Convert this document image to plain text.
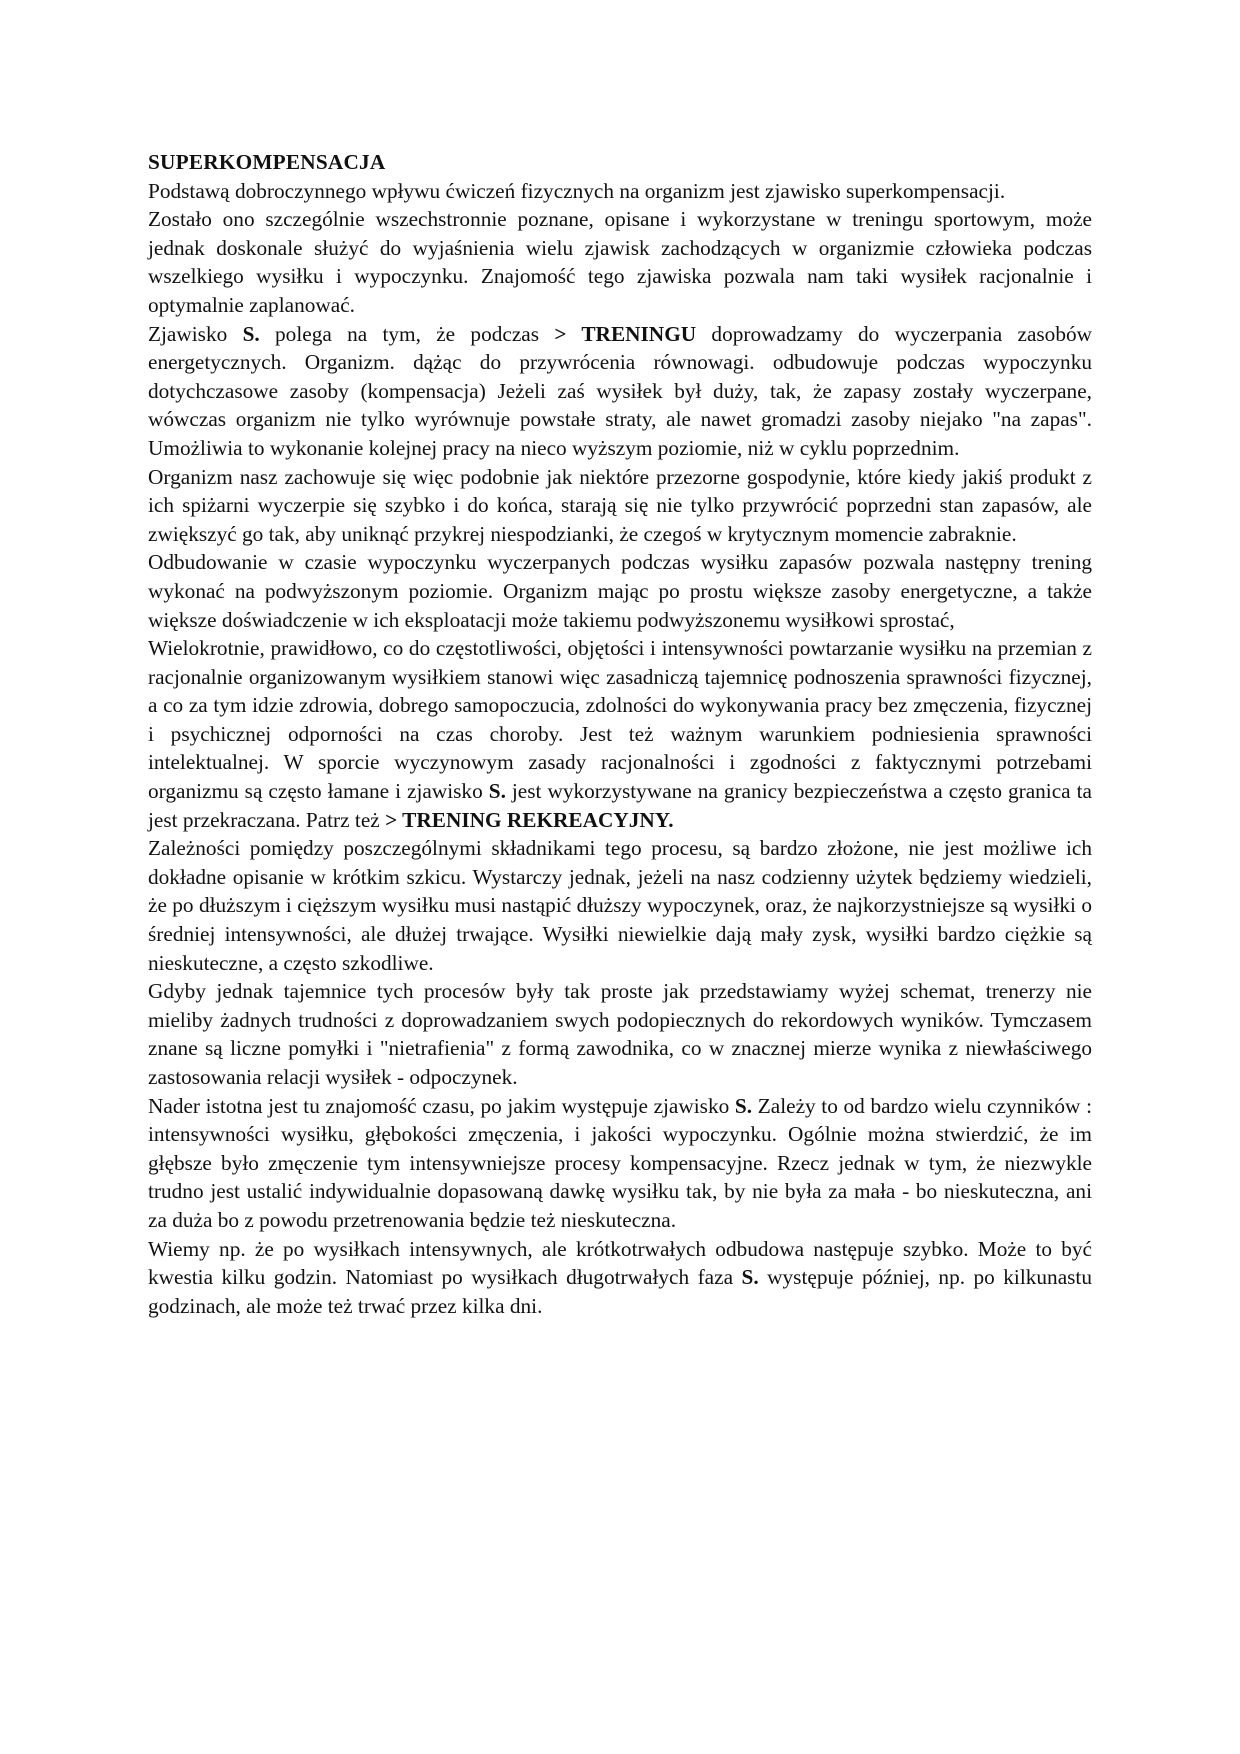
SUPERKOMPENSACJA

Podstawą dobroczynnego wpływu ćwiczeń fizycznych na organizm jest zjawisko superkompensacji.

Zostało ono szczególnie wszechstronnie poznane, opisane i wykorzystane w treningu sportowym, może jednak doskonale służyć do wyjaśnienia wielu zjawisk zachodzących w organizmie człowieka podczas wszelkiego wysiłku i wypoczynku. Znajomość tego zjawiska pozwala nam taki wysiłek racjonalnie i optymalnie zaplanować.

Zjawisko S. polega na tym, że podczas > TRENINGU doprowadzamy do wyczerpania zasobów energetycznych. Organizm. dążąc do przywrócenia równowagi. odbudowuje podczas wypoczynku dotychczasowe zasoby (kompensacja) Jeżeli zaś wysiłek był duży, tak, że zapasy zostały wyczerpane, wówczas organizm nie tylko wyrównuje powstałe straty, ale nawet gromadzi zasoby niejako "na zapas". Umożliwia to wykonanie kolejnej pracy na nieco wyższym poziomie, niż w cyklu poprzednim.

Organizm nasz zachowuje się więc podobnie jak niektóre przezorne gospodynie, które kiedy jakiś produkt z ich spiżarni wyczerpie się szybko i do końca, starają się nie tylko przywrócić poprzedni stan zapasów, ale zwiększyć go tak, aby uniknąć przykrej niespodzianki, że czegoś w krytycznym momencie zabraknie.

Odbudowanie w czasie wypoczynku wyczerpanych podczas wysiłku zapasów pozwala następny trening wykonać na podwyższonym poziomie. Organizm mając po prostu większe zasoby energetyczne, a także większe doświadczenie w ich eksploatacji może takiemu podwyższonemu wysiłkowi sprostać,

Wielokrotnie, prawidłowo, co do częstotliwości, objętości i intensywności powtarzanie wysiłku na przemian z racjonalnie organizowanym wysiłkiem stanowi więc zasadniczą tajemnicę podnoszenia sprawności fizycznej, a co za tym idzie zdrowia, dobrego samopoczucia, zdolności do wykonywania pracy bez zmęczenia, fizycznej i psychicznej odporności na czas choroby. Jest też ważnym warunkiem podniesienia sprawności intelektualnej. W sporcie wyczynowym zasady racjonalności i zgodności z faktycznymi potrzebami organizmu są często łamane i zjawisko S. jest wykorzystywane na granicy bezpieczeństwa a często granica ta jest przekraczana. Patrz też > TRENING REKREACYJNY.

Zależności pomiędzy poszczególnymi składnikami tego procesu, są bardzo złożone, nie jest możliwe ich dokładne opisanie w krótkim szkicu. Wystarczy jednak, jeżeli na nasz codzienny użytek będziemy wiedzieli, że po dłuższym i cięższym wysiłku musi nastąpić dłuższy wypoczynek, oraz, że najkorzystniejsze są wysiłki o średniej intensywności, ale dłużej trwające. Wysiłki niewielkie dają mały zysk, wysiłki bardzo ciężkie są nieskuteczne, a często szkodliwe.

Gdyby jednak tajemnice tych procesów były tak proste jak przedstawiamy wyżej schemat, trenerzy nie mieliby żadnych trudności z doprowadzaniem swych podopiecznych do rekordowych wyników. Tymczasem znane są liczne pomyłki i "nietrafienia" z formą zawodnika, co w znacznej mierze wynika z niewłaściwego zastosowania relacji wysiłek - odpoczynek.

Nader istotna jest tu znajomość czasu, po jakim występuje zjawisko S. Zależy to od bardzo wielu czynników : intensywności wysiłku, głębokości zmęczenia, i jakości wypoczynku. Ogólnie można stwierdzić, że im głębsze było zmęczenie tym intensywniejsze procesy kompensacyjne. Rzecz jednak w tym, że niezwykle trudno jest ustalić indywidualnie dopasowaną dawkę wysiłku tak, by nie była za mała - bo nieskuteczna, ani za duża bo z powodu przetrenowania będzie też nieskuteczna.

Wiemy np. że po wysiłkach intensywnych, ale krótkotrwałych odbudowa następuje szybko. Może to być kwestia kilku godzin. Natomiast po wysiłkach długotrwałych faza S. występuje później, np. po kilkunastu godzinach, ale może też trwać przez kilka dni.
